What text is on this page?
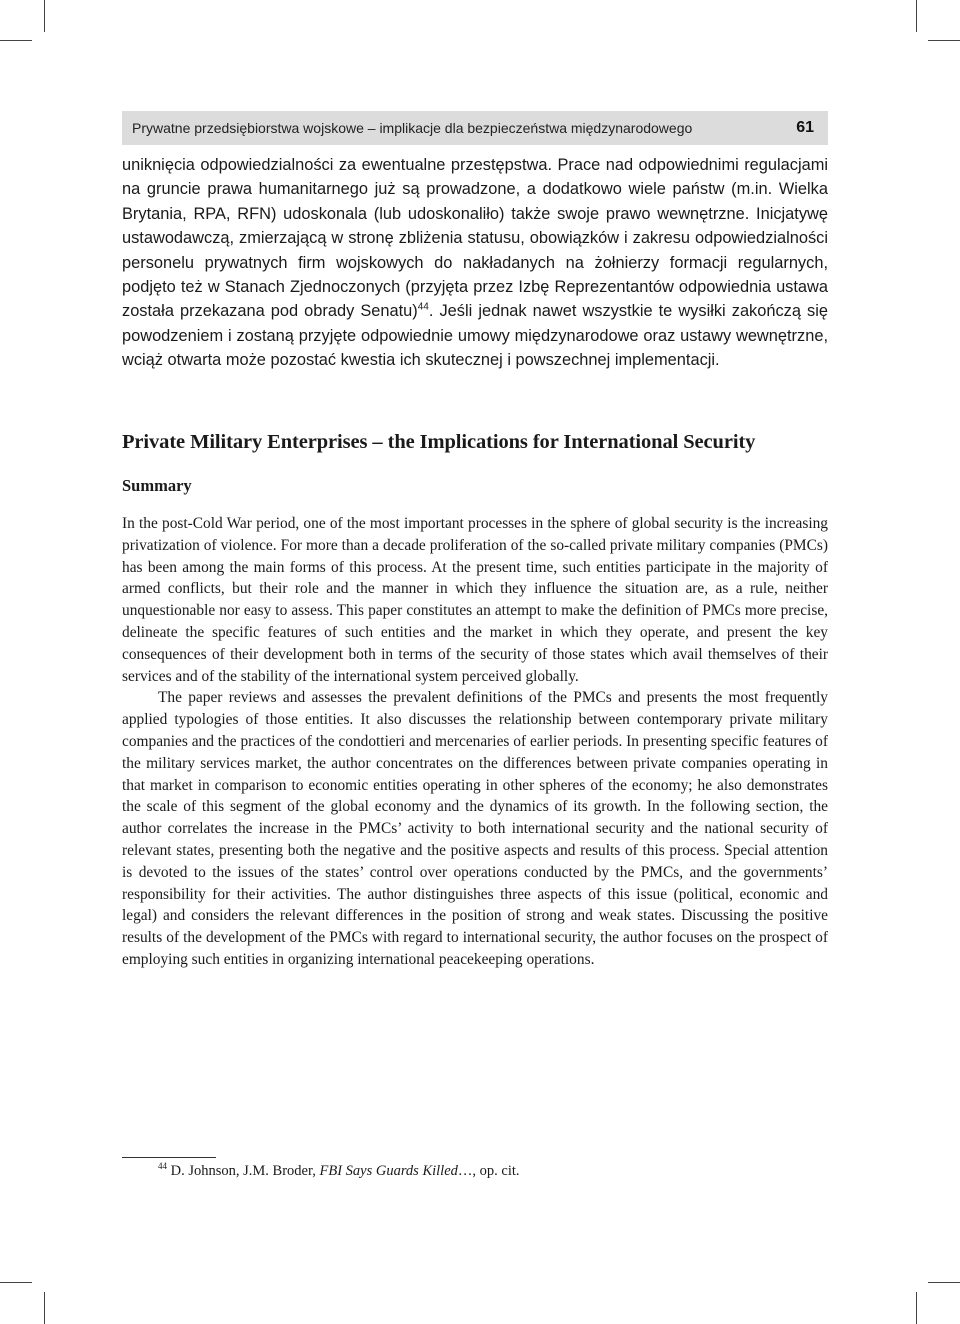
Prywatne przedsiębiorstwa wojskowe – implikacje dla bezpieczeństwa międzynarodowego	61

uniknięcia odpowiedzialności za ewentualne przestępstwa. Prace nad odpowiednimi regulacjami na gruncie prawa humanitarnego już są prowadzone, a dodatkowo wiele państw (m.in. Wielka Brytania, RPA, RFN) udoskonala (lub udoskonaliło) także swoje prawo wewnętrzne. Inicjatywę ustawodawczą, zmierzającą w stronę zbliżenia statusu, obowiązków i zakresu odpowiedzialności personelu prywatnych firm wojskowych do nakładanych na żołnierzy formacji regularnych, podjęto też w Stanach Zjednoczonych (przyjęta przez Izbę Reprezentantów odpowiednia ustawa została przekazana pod obrady Senatu)$^{44}$. Jeśli jednak nawet wszystkie te wysiłki zakończą się powodzeniem i zostaną przyjęte odpowiednie umowy międzynarodowe oraz ustawy wewnętrzne, wciąż otwarta może pozostać kwestia ich skutecznej i powszechnej implementacji.

Private Military Enterprises – the Implications for International Security
Summary

In the post-Cold War period, one of the most important processes in the sphere of global security is the increasing privatization of violence. For more than a decade proliferation of the so-called private military companies (PMCs) has been among the main forms of this process. At the present time, such entities participate in the majority of armed conflicts, but their role and the manner in which they influence the situation are, as a rule, neither unquestionable nor easy to assess. This paper constitutes an attempt to make the definition of PMCs more precise, delineate the specific features of such entities and the market in which they operate, and present the key consequences of their development both in terms of the security of those states which avail themselves of their services and of the stability of the international system perceived globally.

The paper reviews and assesses the prevalent definitions of the PMCs and presents the most frequently applied typologies of those entities. It also discusses the relationship between contemporary private military companies and the practices of the condottieri and mercenaries of earlier periods. In presenting specific features of the military services market, the author concentrates on the differences between private companies operating in that market in comparison to economic entities operating in other spheres of the economy; he also demonstrates the scale of this segment of the global economy and the dynamics of its growth. In the following section, the author correlates the increase in the PMCs’ activity to both international security and the national security of relevant states, presenting both the negative and the positive aspects and results of this process. Special attention is devoted to the issues of the states’ control over operations conducted by the PMCs, and the governments’ responsibility for their activities. The author distinguishes three aspects of this issue (political, economic and legal) and considers the relevant differences in the position of strong and weak states. Discussing the positive results of the development of the PMCs with regard to international security, the author focuses on the prospect of employing such entities in organizing international peacekeeping operations.

$^{44}$ D. Johnson, J.M. Broder, FBI Says Guards Killed…, op. cit.
